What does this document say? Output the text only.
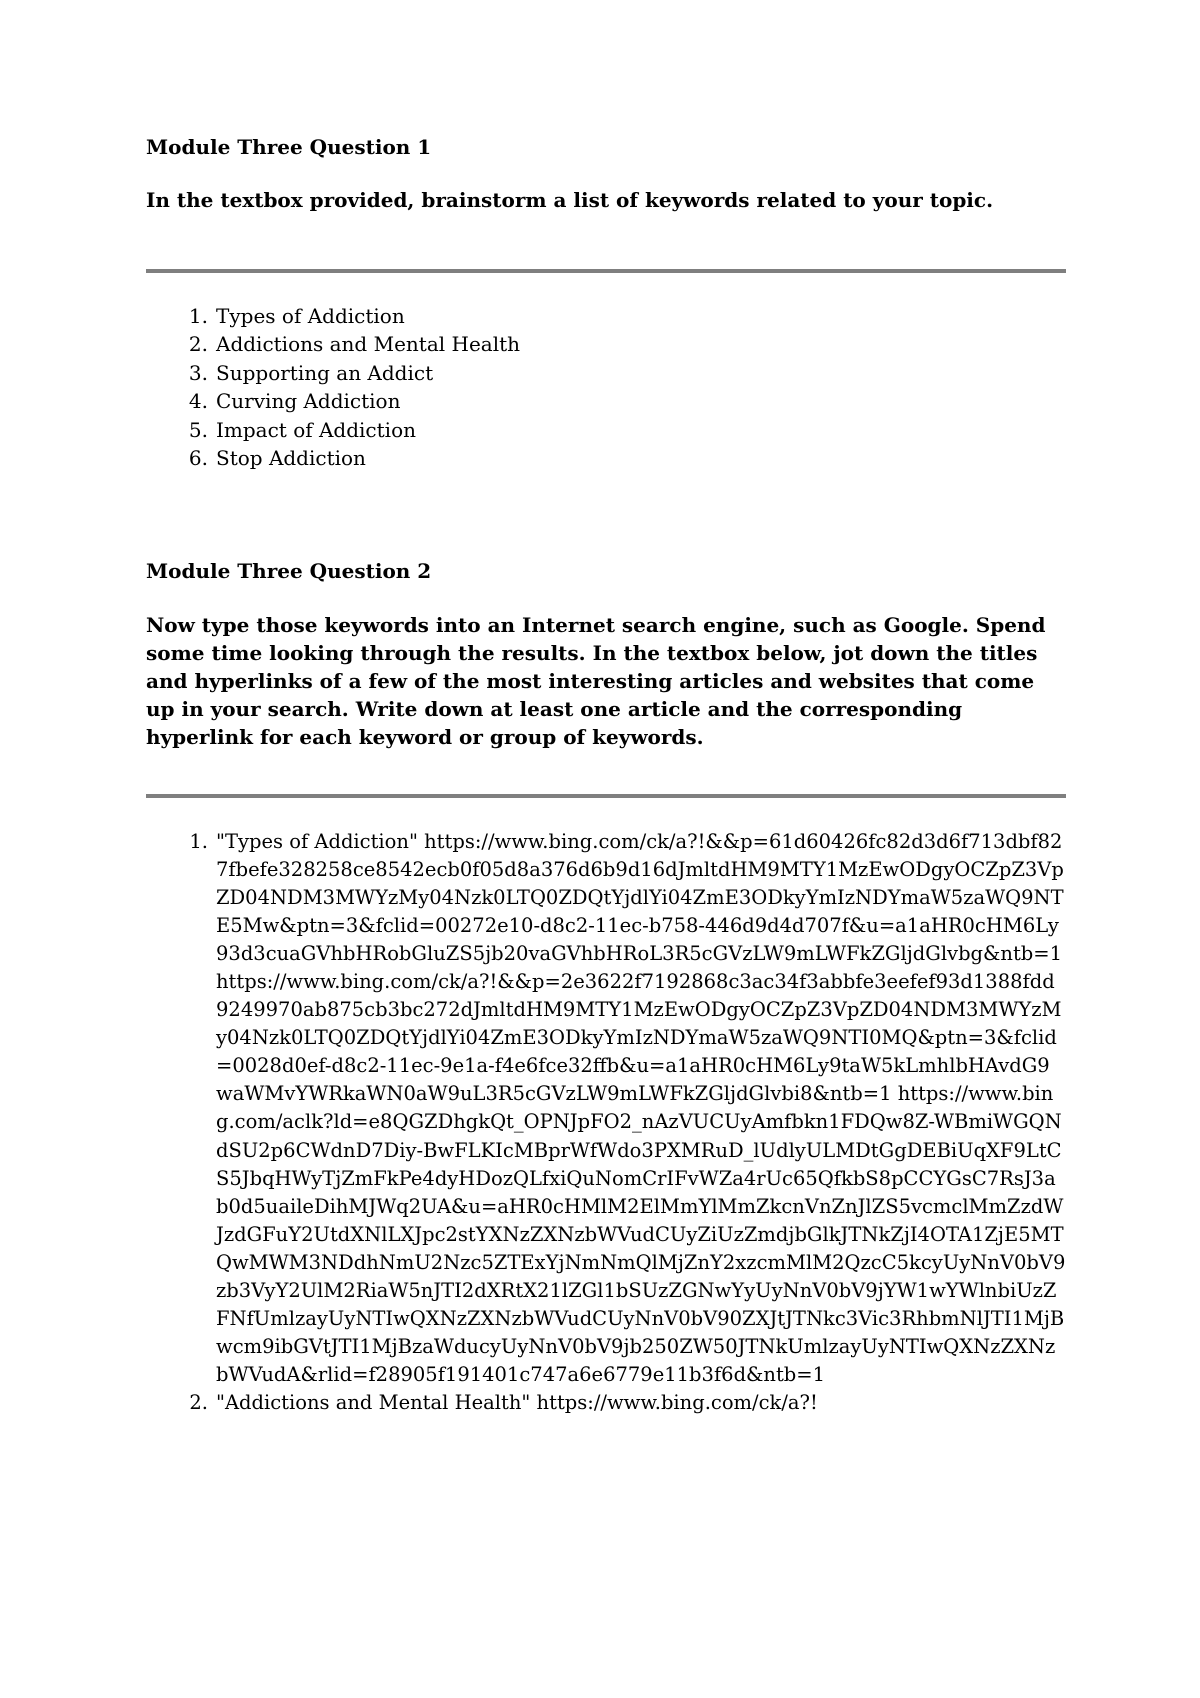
Module Three Question 1

In the textbox provided, brainstorm a list of keywords related to your topic.

1. Types of Addiction
2. Addictions and Mental Health
3. Supporting an Addict
4. Curving Addiction
5. Impact of Addiction
6. Stop Addiction
Module Three Question 2

Now type those keywords into an Internet search engine, such as Google. Spend some time looking through the results. In the textbox below, jot down the titles and hyperlinks of a few of the most interesting articles and websites that come up in your search. Write down at least one article and the corresponding hyperlink for each keyword or group of keywords.

1. "Types of Addiction" https://www.bing.com/ck/a?!&&p=61d60426fc82d3d6f713dbf827fbefe328258ce8542ecb0f05d8a376d6b9d16dJmltdHM9MTY1MzEwODgyOCZpZ3VpZD04NDM3MWYzMy04Nzk0LTQ0ZDQtYjdlYi04ZmE3ODkyYmIzNDYmaW5zaWQ9NTE5Mw&ptn=3&fclid=00272e10-d8c2-11ec-b758-446d9d4d707f&u=a1aHR0cHM6Ly93d3cuaGVhbHRobGluZS5jb20vaGVhbHRoL3R5cGVzLW9mLWFkZGljdGlvbg&ntb=1 https://www.bing.com/ck/a?!&&p=2e3622f7192868c3ac34f3abbfe3eefef93d1388fdd9249970ab875cb3bc272dJmltdHM9MTY1MzEwODgyOCZpZ3VpZD04NDM3MWYzMy04Nzk0LTQ0ZDQtYjdlYi04ZmE3ODkyYmIzNDYmaW5zaWQ9NTI0MQ&ptn=3&fclid=0028d0ef-d8c2-11ec-9e1a-f4e6fce32ffb&u=a1aHR0cHM6Ly9taW5kLmhlbHAvdG9waWMvYWRkaWN0aW9uL3R5cGVzLW9mLWFkZGljdGlvbi8&ntb=1 https://www.bing.com/aclk?ld=e8QGZDhgkQt_OPNJpFO2_nAzVUCUyAmfbkn1FDQw8Z-WBmiWGQNdSU2p6CWdnD7Diy-BwFLKIcMBprWfWdo3PXMRuD_lUdlyULMDtGgDEBiUqXF9LtCS5JbqHWyTjZmFkPe4dyHDozQLfxiQuNomCrIFvWZa4rUc65QfkbS8pCCYGsC7RsJ3ab0d5uaileDihMJWq2UA&u=aHR0cHMlM2ElMmYlMmZkcnVnZnJlZS5vcmclMmZzdWJzdGFuY2UtdXNlLXJpc2stYXNzZXNzbWVudCUyZiUzZmdjbGlkJTNkZjI4OTA1ZjE5MTQwMWM3NDdhNmU2Nzc5ZTExYjNmNmQlMjZnY2xzcmMlM2QzcC5kcyUyNnV0bV9zb3VyY2UlM2RiaW5nJTI2dXRtX21lZGl1bSUzZGNwYyUyNnV0bV9jYW1wYWlnbiUzZFNfUmlzayUyNTIwQXNzZXNzbWVudCUyNnV0bV90ZXJtJTNkc3Vic3RhbmNlJTI1MjBwcm9ibGVtJTI1MjBzaWducyUyNnV0bV9jb250ZW50JTNkUmlzayUyNTIwQXNzZXNzbWVudA&rlid=f28905f191401c747a6e6779e11b3f6d&ntb=1
2. "Addictions and Mental Health" https://www.bing.com/ck/a?!
